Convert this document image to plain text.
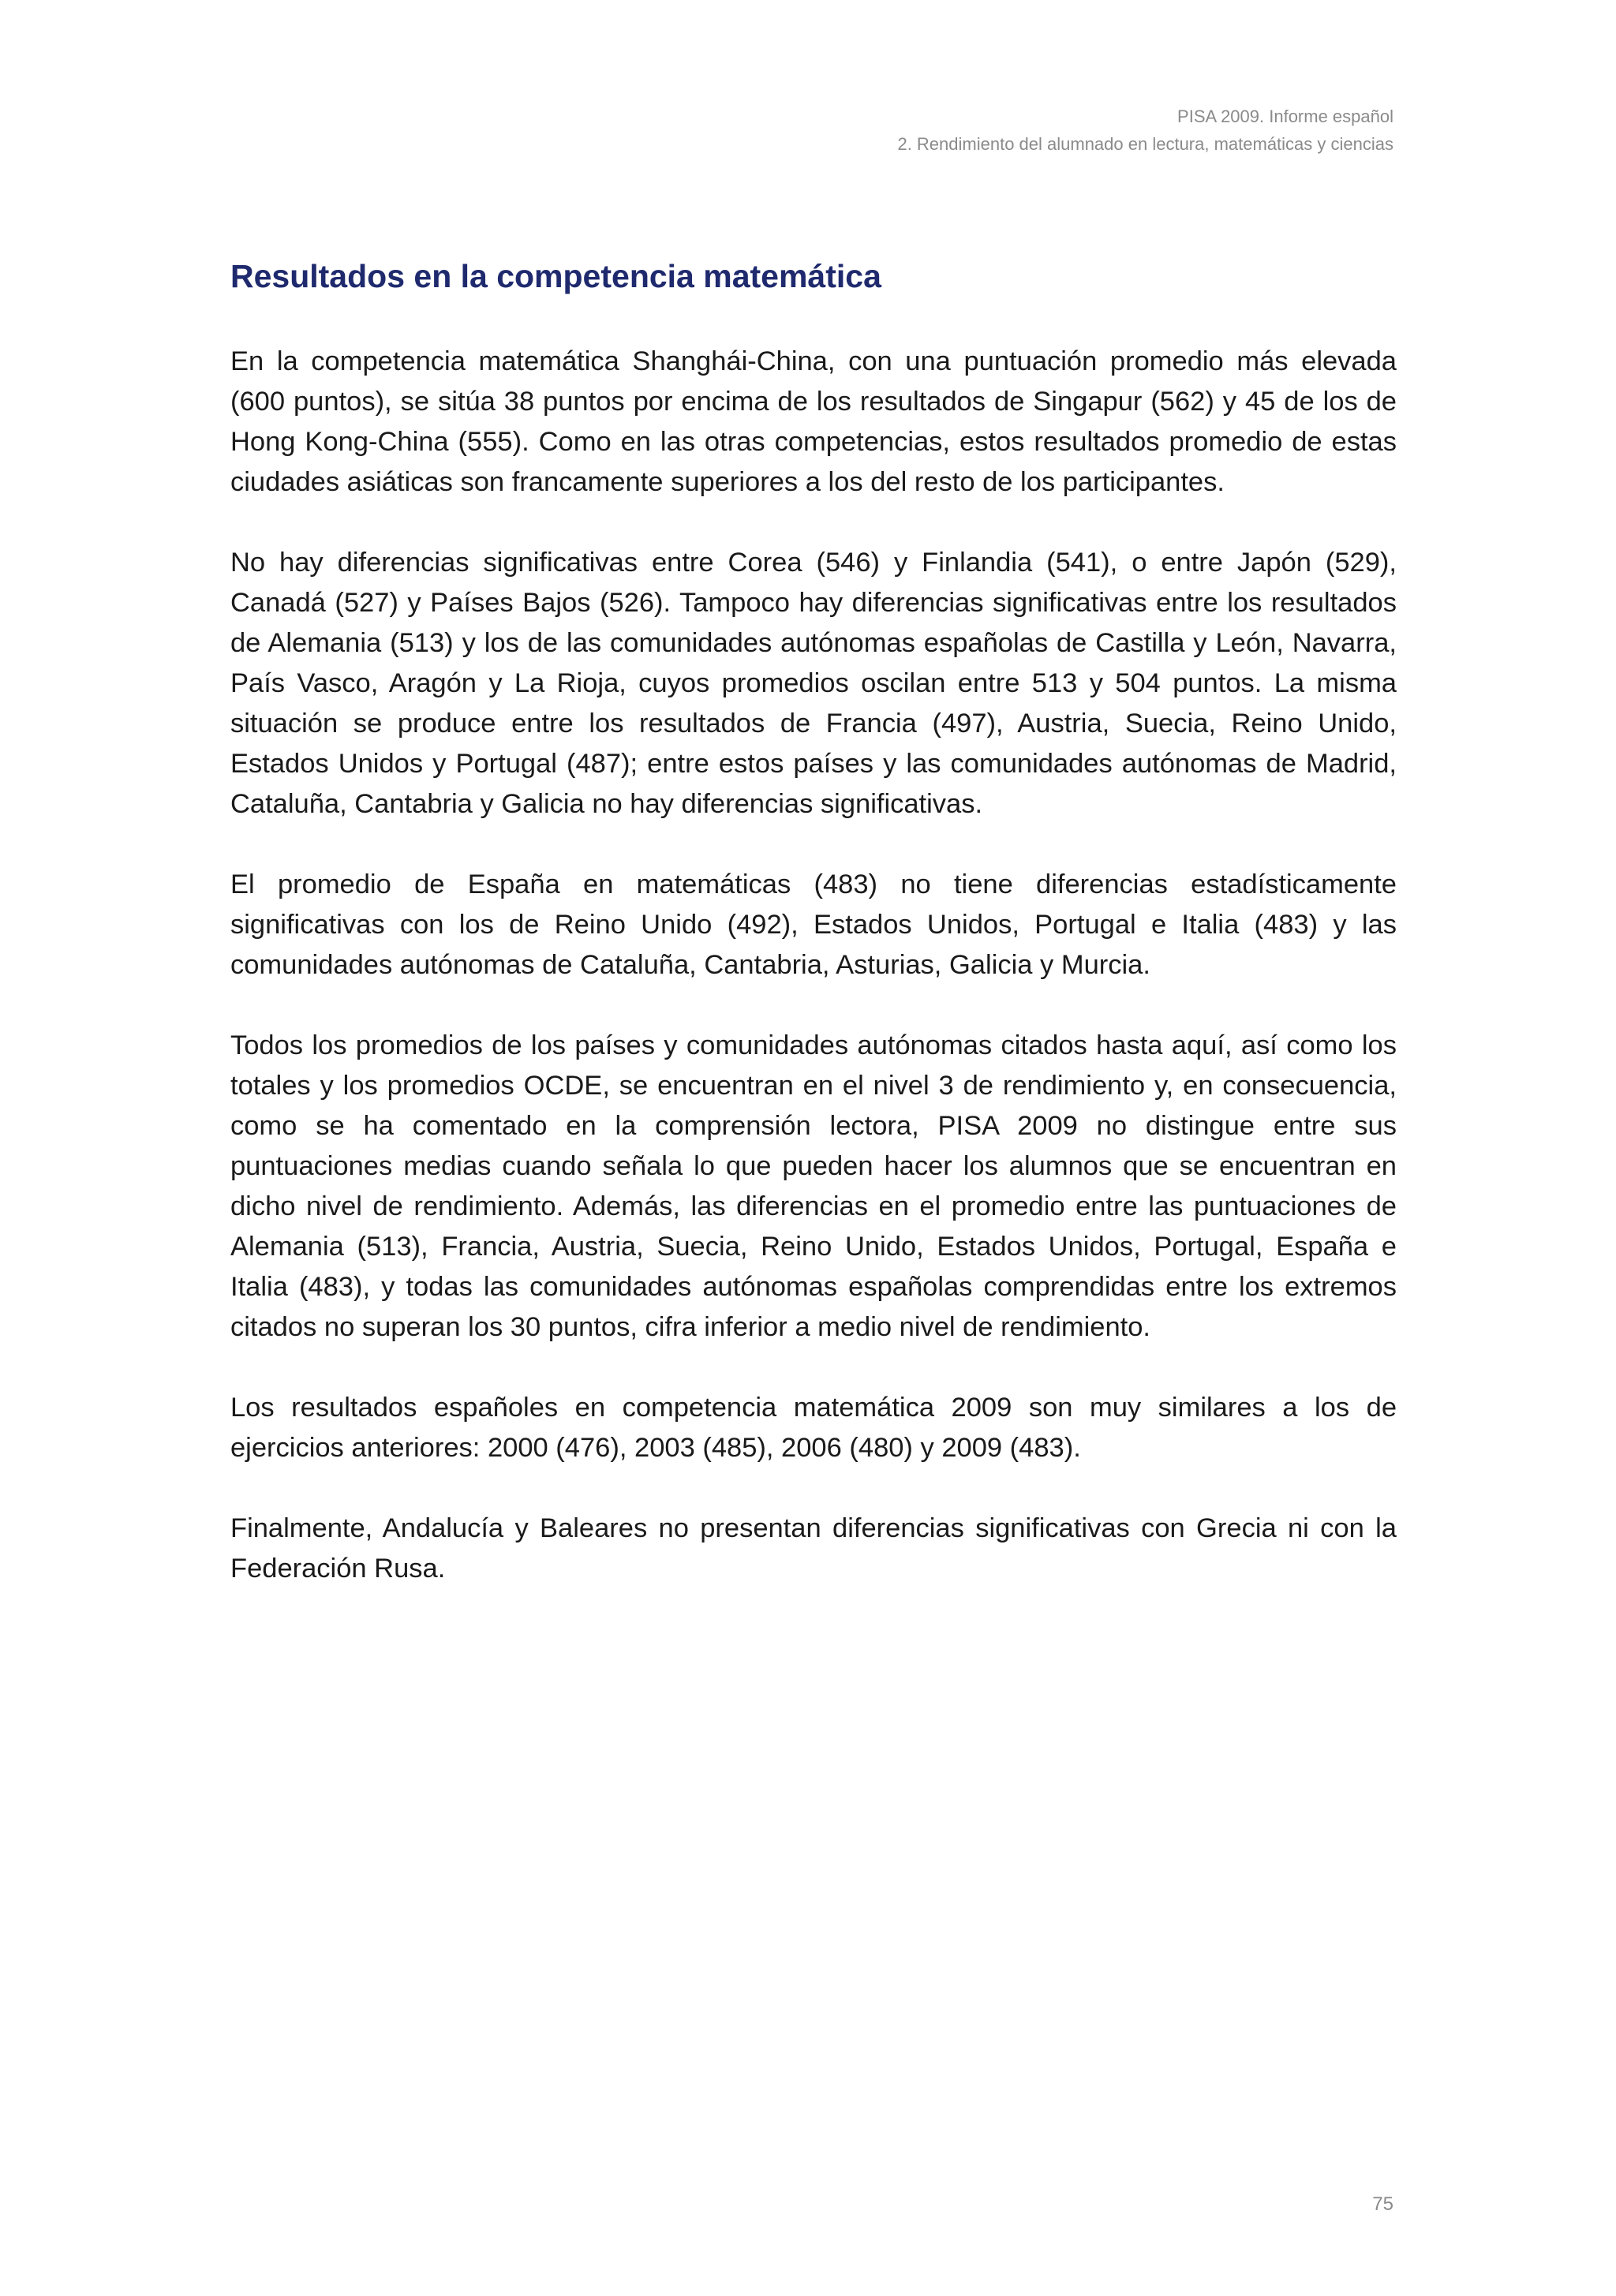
PISA 2009. Informe español
2. Rendimiento del alumnado en lectura, matemáticas y ciencias
Resultados en la competencia matemática

En la competencia matemática Shanghái-China, con una puntuación promedio más elevada (600 puntos), se sitúa 38 puntos por encima de los resultados de Singapur (562) y 45 de los de Hong Kong-China (555). Como en las otras competencias, estos resultados promedio de estas ciudades asiáticas son francamente superiores a los del resto de los participantes.

No hay diferencias significativas entre Corea (546) y Finlandia (541), o entre Japón (529), Canadá (527) y Países Bajos (526). Tampoco hay diferencias significativas entre los resultados de Alemania (513) y los de las comunidades autónomas españolas de Castilla y León, Navarra, País Vasco, Aragón y La Rioja, cuyos promedios oscilan entre 513 y 504 puntos. La misma situación se produce entre los resultados de Francia (497), Austria, Suecia, Reino Unido, Estados Unidos y Portugal (487); entre estos países y las comunidades autónomas de Madrid, Cataluña, Cantabria y Galicia no hay diferencias significativas.

El promedio de España en matemáticas (483) no tiene diferencias estadísticamente significativas con los de Reino Unido (492), Estados Unidos, Portugal e Italia (483) y las comunidades autónomas de Cataluña, Cantabria, Asturias, Galicia y Murcia.

Todos los promedios de los países y comunidades autónomas citados hasta aquí, así como los totales y los promedios OCDE, se encuentran en el nivel 3 de rendimiento y, en consecuencia, como se ha comentado en la comprensión lectora, PISA 2009 no distingue entre sus puntuaciones medias cuando señala lo que pueden hacer los alumnos que se encuentran en dicho nivel de rendimiento. Además, las diferencias en el promedio entre las puntuaciones de Alemania (513), Francia, Austria, Suecia, Reino Unido, Estados Unidos, Portugal, España e Italia (483), y todas las comunidades autónomas españolas comprendidas entre los extremos citados no superan los 30 puntos, cifra inferior a medio nivel de rendimiento.

Los resultados españoles en competencia matemática 2009 son muy similares a los de ejercicios anteriores: 2000 (476), 2003 (485), 2006 (480) y 2009 (483).

Finalmente, Andalucía y Baleares no presentan diferencias significativas con Grecia ni con la Federación Rusa.

75
